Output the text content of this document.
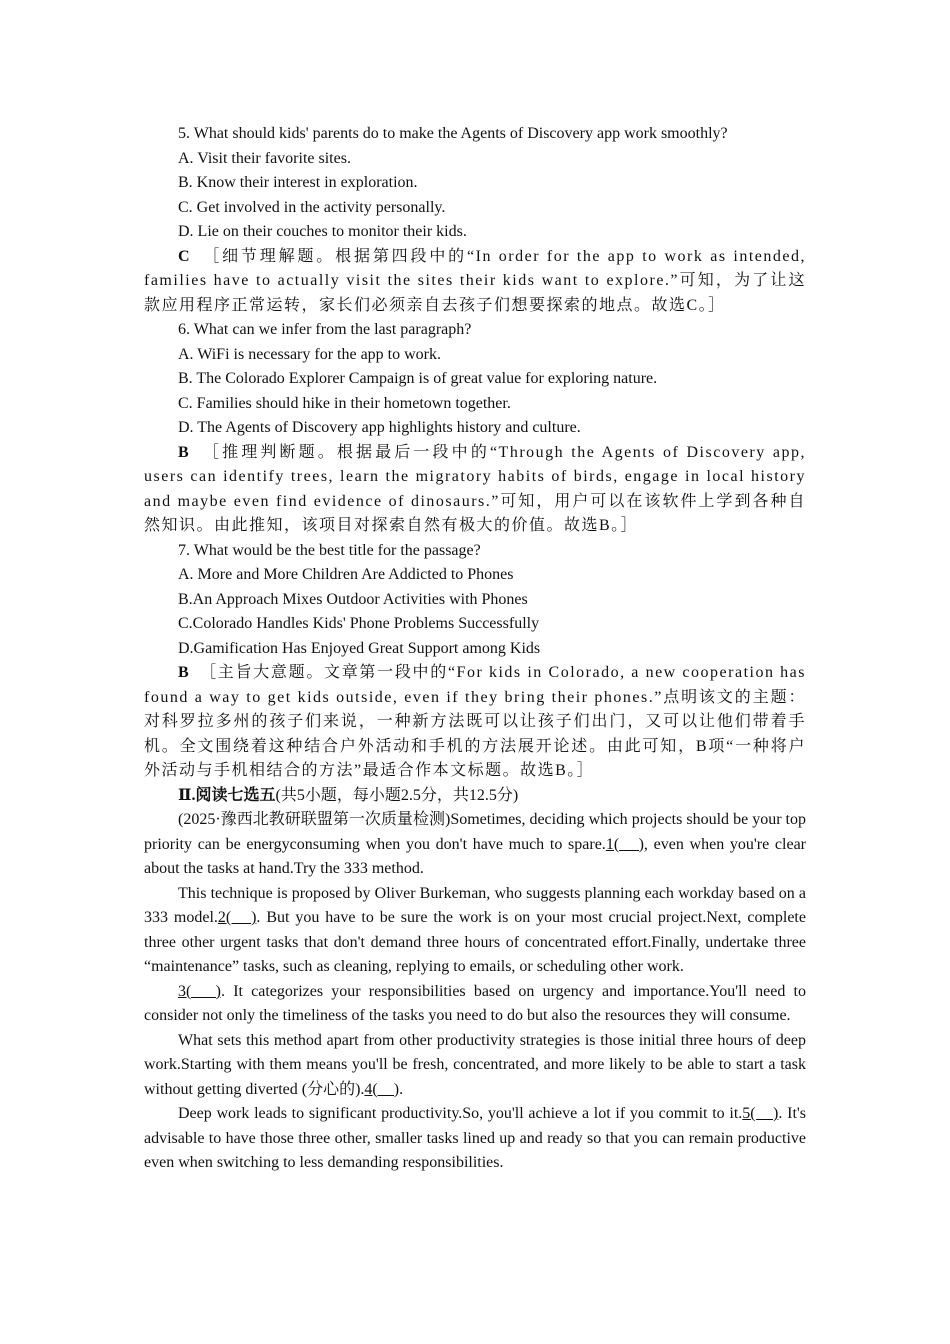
5. What should kids' parents do to make the Agents of Discovery app work smoothly?

A. Visit their favorite sites.

B. Know their interest in exploration.

C. Get involved in the activity personally.

D. Lie on their couches to monitor their kids.

C　 ［细节理解题。根据第四段中的“In order for the app to work as intended, families have to actually visit the sites their kids want to explore.”可知，为了让这款应用程序正常运转，家长们必须亲自去孩子们想要探索的地点。故选C。］

6. What can we infer from the last paragraph?

A. WiFi is necessary for the app to work.

B. The Colorado Explorer Campaign is of great value for exploring nature.

C. Families should hike in their hometown together.

D. The Agents of Discovery app highlights history and culture.

B　 ［推理判断题。根据最后一段中的“Through the Agents of Discovery app, users can identify trees, learn the migratory habits of birds, engage in local history and maybe even find evidence of dinosaurs.”可知，用户可以在该软件上学到各种自然知识。由此推知，该项目对探索自然有极大的价值。故选B。］

7. What would be the best title for the passage?

A. More and More Children Are Addicted to Phones

B.An Approach Mixes Outdoor Activities with Phones

C.Colorado Handles Kids' Phone Problems Successfully

D.Gamification Has Enjoyed Great Support among Kids

B　 ［主旨大意题。文章第一段中的“For kids in Colorado, a new cooperation has found a way to get kids outside, even if they bring their phones.”点明该文的主题：对科罗拉多州的孩子们来说，一种新方法既可以让孩子们出门，又可以让他们带着手机。全文围绕着这种结合户外活动和手机的方法展开论述。由此可知，B项“一种将户外活动与手机相结合的方法”最适合作本文标题。故选B。］

Ⅱ.阅读七选五(共5小题，每小题2.5分，共12.5分)

(2025·豫西北教研联盟第一次质量检测)Sometimes, deciding which projects should be your top priority can be energyconsuming when you don't have much to spare.1(　), even when you're clear about the tasks at hand.Try the 333 method.

This technique is proposed by Oliver Burkeman, who suggests planning each workday based on a 333 model.2(　). But you have to be sure the work is on your most crucial project.Next, complete three other urgent tasks that don't demand three hours of concentrated effort.Finally, undertake three “maintenance” tasks, such as cleaning, replying to emails, or scheduling other work.

3(　). It categorizes your responsibilities based on urgency and importance.You'll need to consider not only the timeliness of the tasks you need to do but also the resources they will consume.

What sets this method apart from other productivity strategies is those initial three hours of deep work.Starting with them means you'll be fresh, concentrated, and more likely to be able to start a task without getting diverted (分心的).4(　).

Deep work leads to significant productivity.So, you'll achieve a lot if you commit to it.5(　). It's advisable to have those three other, smaller tasks lined up and ready so that you can remain productive even when switching to less demanding responsibilities.
